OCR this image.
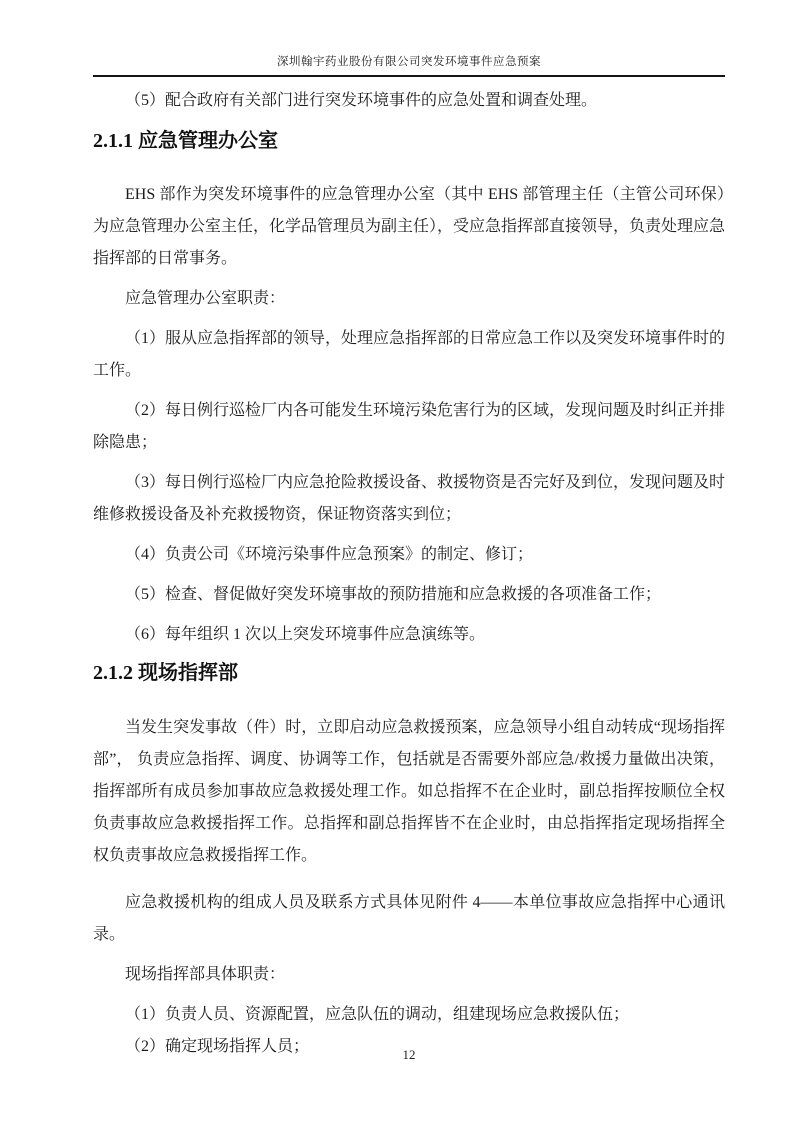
深圳翰宇药业股份有限公司突发环境事件应急预案

（5）配合政府有关部门进行突发环境事件的应急处置和调查处理。

2.1.1 应急管理办公室

EHS 部作为突发环境事件的应急管理办公室（其中 EHS 部管理主任（主管公司环保）为应急管理办公室主任，化学品管理员为副主任），受应急指挥部直接领导，负责处理应急指挥部的日常事务。

应急管理办公室职责：

（1）服从应急指挥部的领导，处理应急指挥部的日常应急工作以及突发环境事件时的工作。

（2）每日例行巡检厂内各可能发生环境污染危害行为的区域，发现问题及时纠正并排除隐患；

（3）每日例行巡检厂内应急抢险救援设备、救援物资是否完好及到位，发现问题及时维修救援设备及补充救援物资，保证物资落实到位；

（4）负责公司《环境污染事件应急预案》的制定、修订；

（5）检查、督促做好突发环境事故的预防措施和应急救援的各项准备工作；

（6）每年组织 1 次以上突发环境事件应急演练等。

2.1.2 现场指挥部

当发生突发事故（件）时，立即启动应急救援预案，应急领导小组自动转成“现场指挥部”， 负责应急指挥、调度、协调等工作，包括就是否需要外部应急/救援力量做出决策，指挥部所有成员参加事故应急救援处理工作。如总指挥不在企业时，副总指挥按顺位全权负责事故应急救援指挥工作。总指挥和副总指挥皆不在企业时，由总指挥指定现场指挥全权负责事故应急救援指挥工作。

应急救援机构的组成人员及联系方式具体见附件 4——本单位事故应急指挥中心通讯录。

现场指挥部具体职责：

（1）负责人员、资源配置，应急队伍的调动，组建现场应急救援队伍；

（2）确定现场指挥人员；	12
